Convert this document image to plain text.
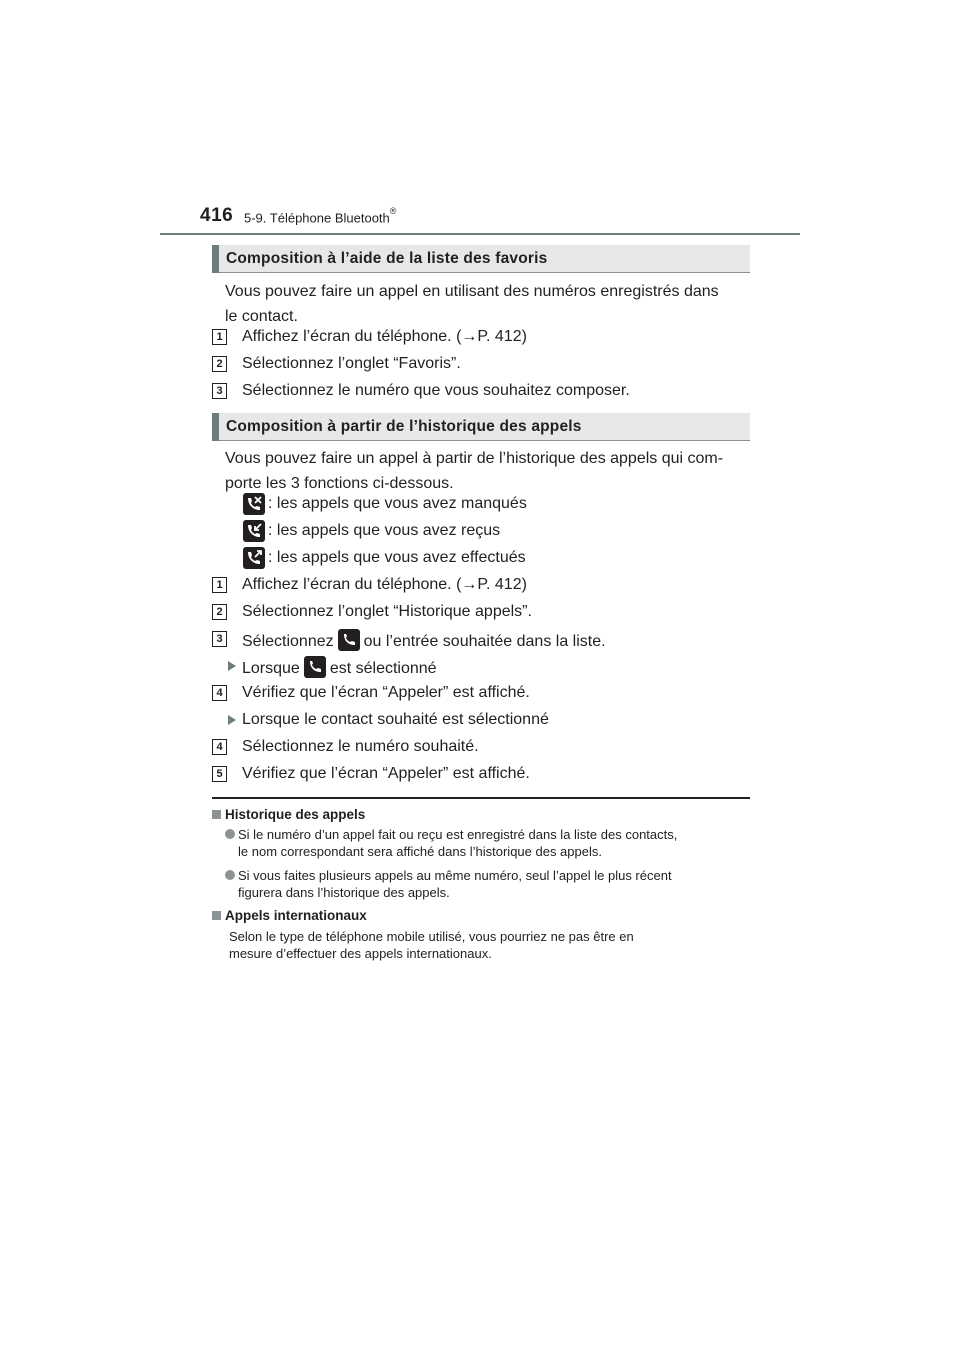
416 5-9. Téléphone Bluetooth®
Composition à l’aide de la liste des favoris
Vous pouvez faire un appel en utilisant des numéros enregistrés dans
le contact.
1 Affichez l’écran du téléphone. (→P. 412)
2 Sélectionnez l’onglet “Favoris”.
3 Sélectionnez le numéro que vous souhaitez composer.
Composition à partir de l’historique des appels
Vous pouvez faire un appel à partir de l’historique des appels qui com-
porte les 3 fonctions ci-dessous.
: les appels que vous avez manqués
: les appels que vous avez reçus
: les appels que vous avez effectués
1 Affichez l’écran du téléphone. (→P. 412)
2 Sélectionnez l’onglet “Historique appels”.
3 Sélectionnez ou l’entrée souhaitée dans la liste.
Lorsque est sélectionné
4 Vérifiez que l’écran “Appeler” est affiché.
Lorsque le contact souhaité est sélectionné
4 Sélectionnez le numéro souhaité.
5 Vérifiez que l’écran “Appeler” est affiché.
Historique des appels
Si le numéro d’un appel fait ou reçu est enregistré dans la liste des contacts,
le nom correspondant sera affiché dans l’historique des appels.
Si vous faites plusieurs appels au même numéro, seul l’appel le plus récent
figurera dans l’historique des appels.
Appels internationaux
Selon le type de téléphone mobile utilisé, vous pourriez ne pas être en
mesure d’effectuer des appels internationaux.
